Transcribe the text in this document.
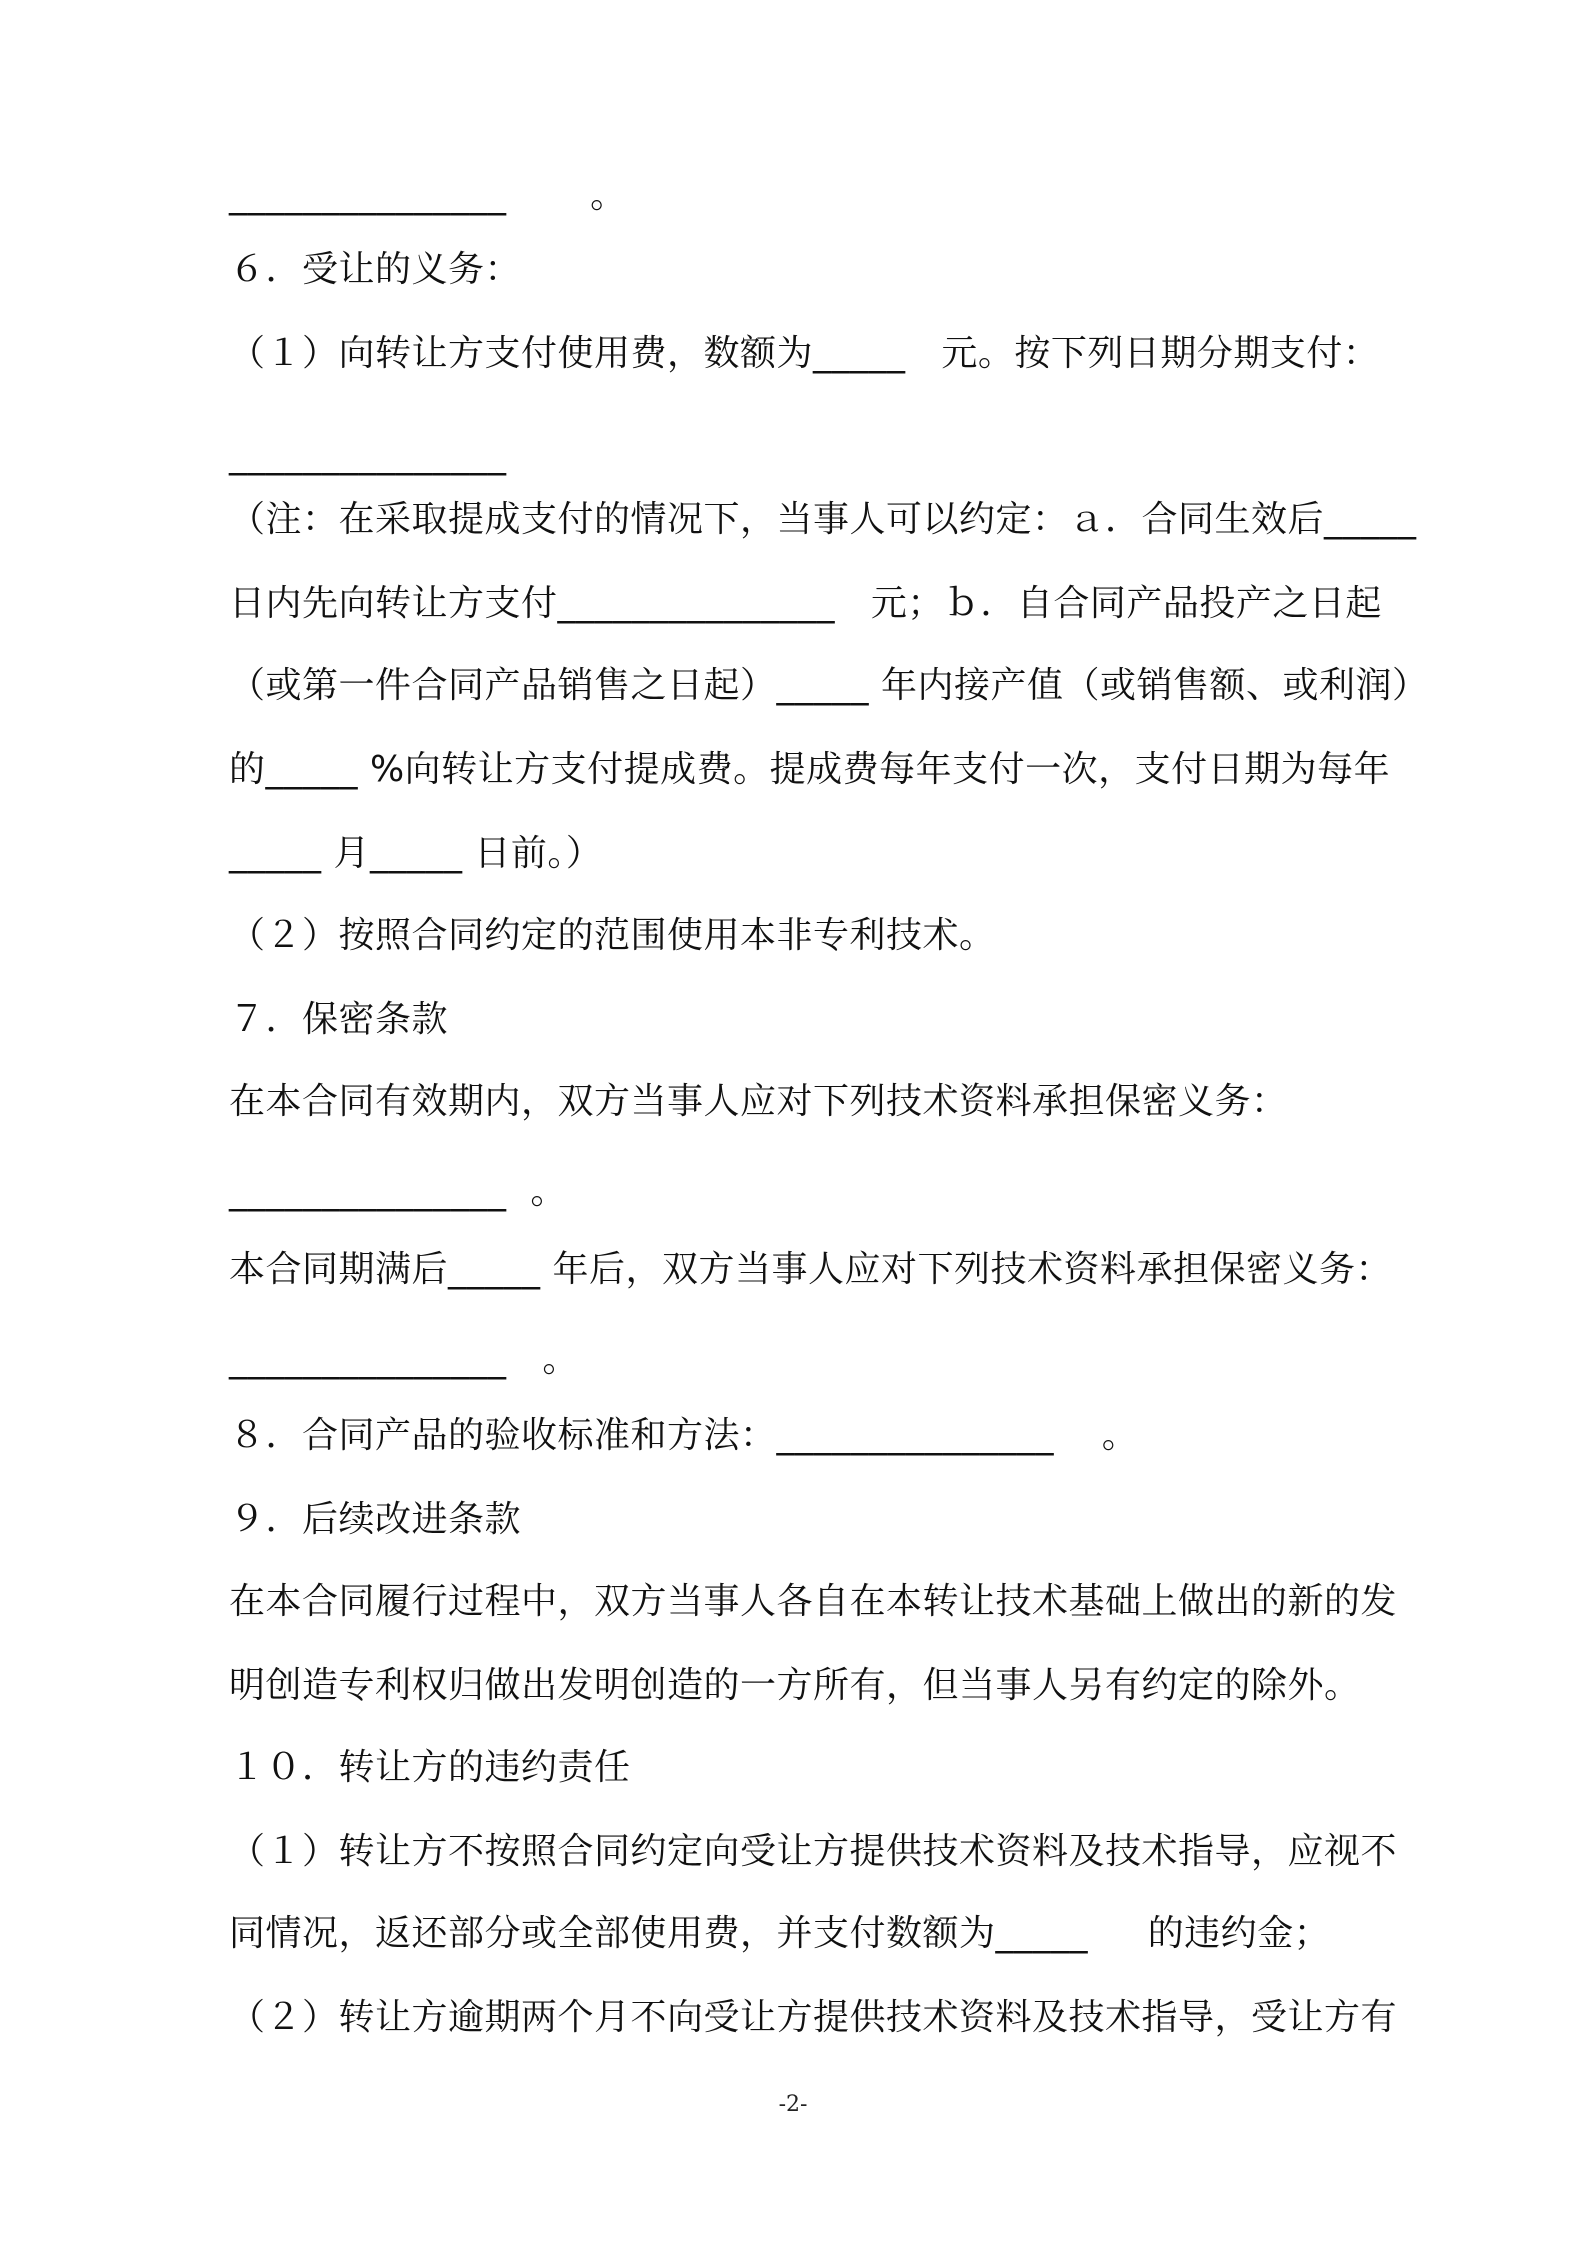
_______________       。
６．受让的义务：
（１）向转让方支付使用费，数额为_____   元。按下列日期分期支付：
_______________
（注：在采取提成支付的情况下，当事人可以约定：ａ．合同生效后_____
日内先向转让方支付_______________   元；ｂ．自合同产品投产之日起
（或第一件合同产品销售之日起）_____ 年内接产值（或销售额、或利润）
的_____ %向转让方支付提成费。提成费每年支付一次，支付日期为每年
_____ 月_____ 日前。）
（２）按照合同约定的范围使用本非专利技术。
７．保密条款
在本合同有效期内，双方当事人应对下列技术资料承担保密义务：
_______________  。
本合同期满后_____ 年后，双方当事人应对下列技术资料承担保密义务：
_______________   。
８．合同产品的验收标准和方法：_______________    。
９．后续改进条款
在本合同履行过程中，双方当事人各自在本转让技术基础上做出的新的发
明创造专利权归做出发明创造的一方所有，但当事人另有约定的除外。
１０．转让方的违约责任
（１）转让方不按照合同约定向受让方提供技术资料及技术指导，应视不
同情况，返还部分或全部使用费，并支付数额为_____     的违约金；
（２）转让方逾期两个月不向受让方提供技术资料及技术指导，受让方有
-2-
